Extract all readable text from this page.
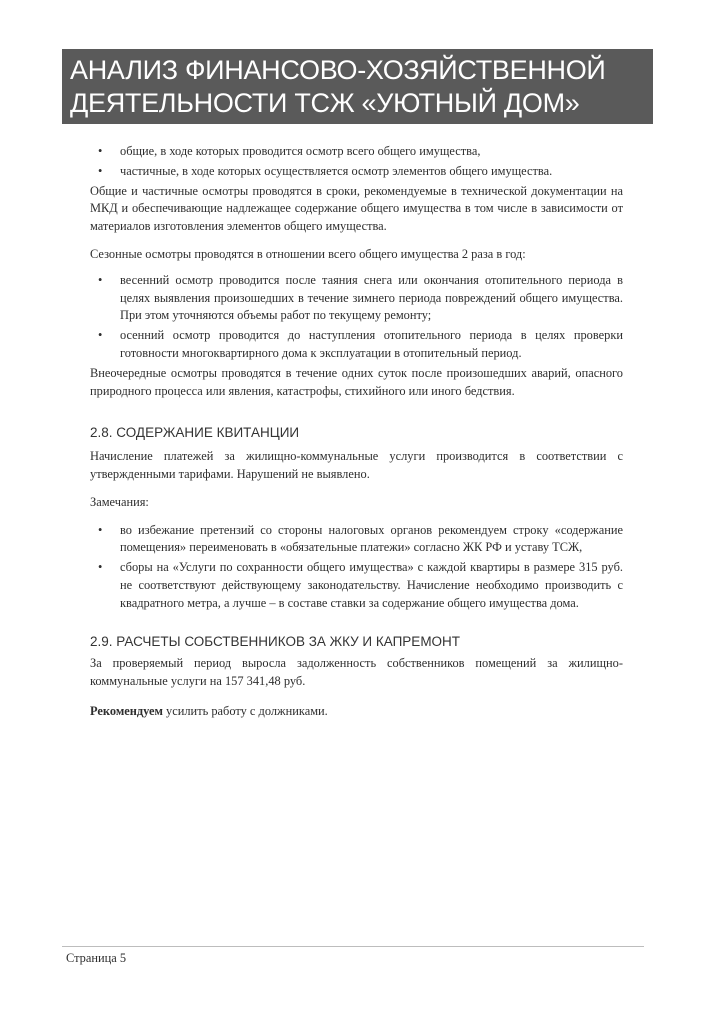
АНАЛИЗ ФИНАНСОВО-ХОЗЯЙСТВЕННОЙ
ДЕЯТЕЛЬНОСТИ ТСЖ «УЮТНЫЙ ДОМ»
• общие, в ходе которых проводится осмотр всего общего имущества,
• частичные, в ходе которых осуществляется осмотр элементов общего имущества.

Общие и частичные осмотры проводятся в сроки, рекомендуемые в технической документации на МКД и обеспечивающие надлежащее содержание общего имущества в том числе в зависимости от материалов изготовления элементов общего имущества.

Сезонные осмотры проводятся в отношении всего общего имущества 2 раза в год:

• весенний осмотр проводится после таяния снега или окончания отопительного периода в целях выявления произошедших в течение зимнего периода повреждений общего имущества. При этом уточняются объемы работ по текущему ремонту;
• осенний осмотр проводится до наступления отопительного периода в целях проверки готовности многоквартирного дома к эксплуатации в отопительный период.

Внеочередные осмотры проводятся в течение одних суток после произошедших аварий, опасного природного процесса или явления, катастрофы, стихийного или иного бедствия.

2.8. СОДЕРЖАНИЕ КВИТАНЦИИ

Начисление платежей за жилищно-коммунальные услуги производится в соответствии с утвержденными тарифами. Нарушений не выявлено.

Замечания:

• во избежание претензий со стороны налоговых органов рекомендуем строку «содержание помещения» переименовать в «обязательные платежи» согласно ЖК РФ и уставу ТСЖ,
• сборы на «Услуги по сохранности общего имущества» с каждой квартиры в размере 315 руб. не соответствуют действующему законодательству. Начисление необходимо производить с квадратного метра, а лучше – в составе ставки за содержание общего имущества дома.
2.9. РАСЧЕТЫ СОБСТВЕННИКОВ ЗА ЖКУ И КАПРЕМОНТ

За проверяемый период выросла задолженность собственников помещений за жилищно-коммунальные услуги на 157 341,48 руб.

Рекомендуем усилить работу с должниками.

Страница 5
